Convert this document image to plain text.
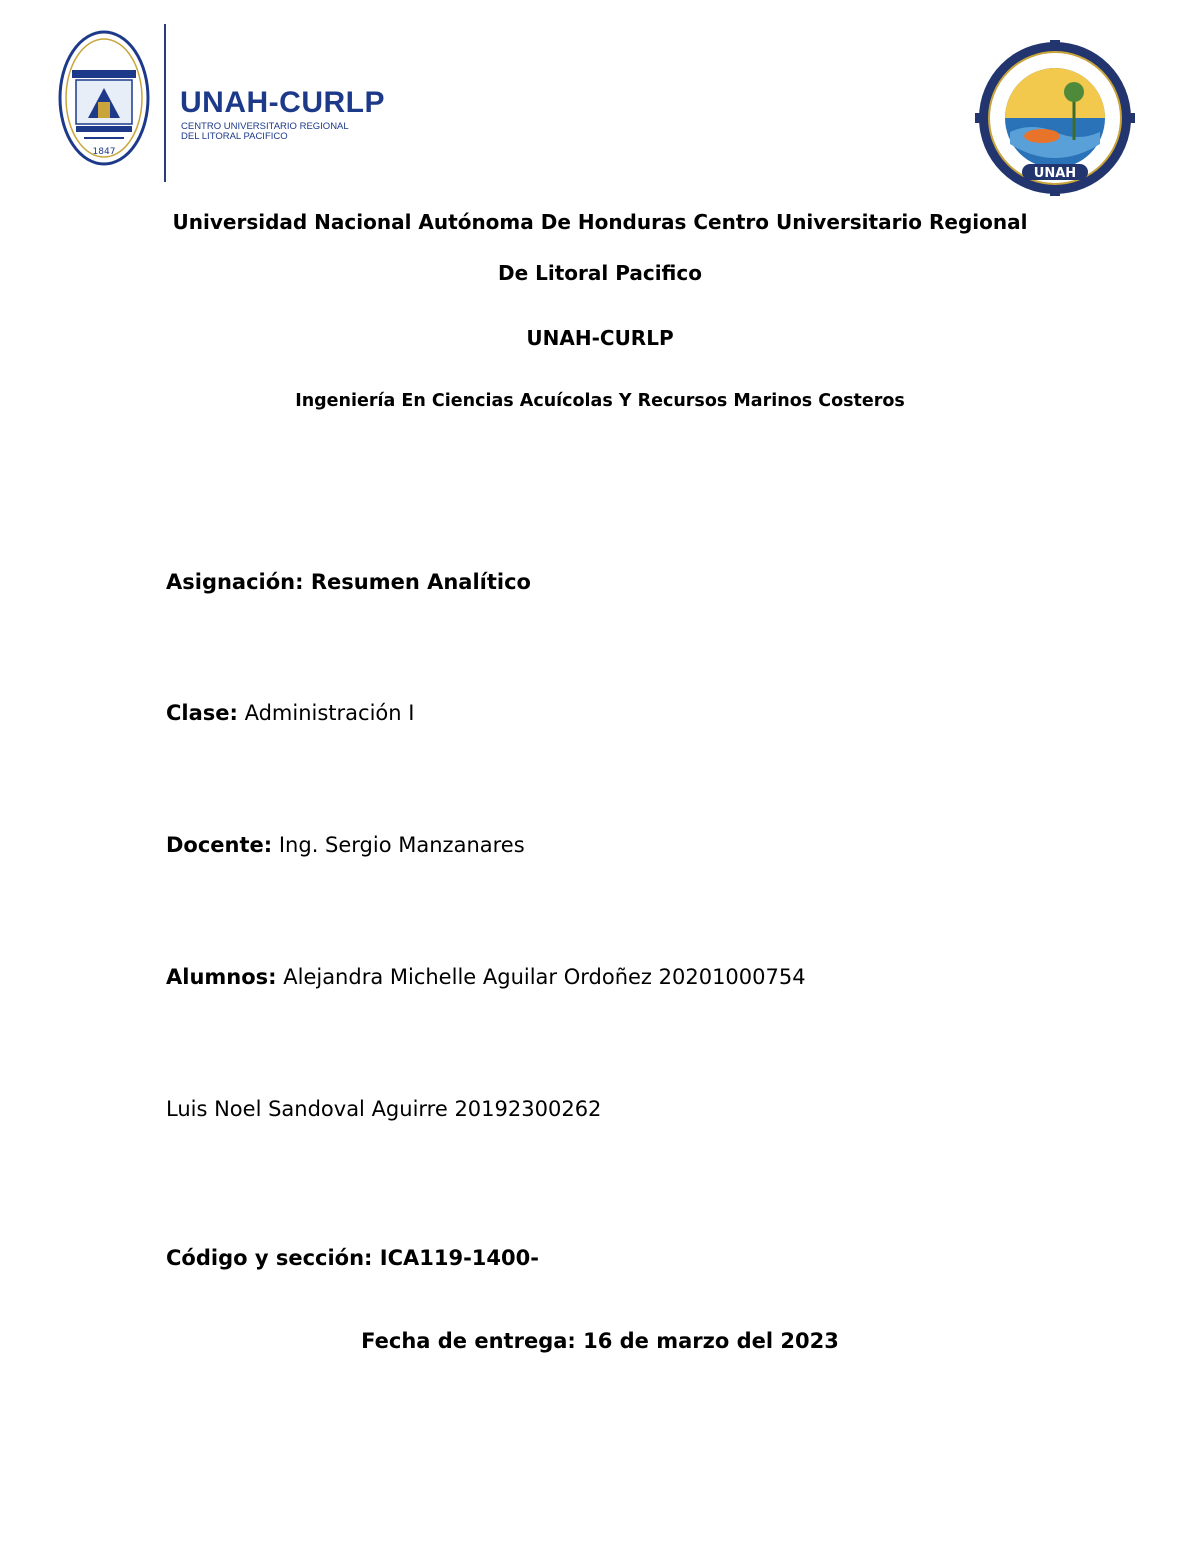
1847
UNAH-CURLP
CENTRO UNIVERSITARIO REGIONAL
DEL LITORAL PACIFICO
UNAH
Universidad Nacional Autónoma De Honduras Centro Universitario Regional
De Litoral Pacifico
UNAH-CURLP
Ingeniería En Ciencias Acuícolas Y Recursos Marinos Costeros
Asignación: Resumen Analítico
Clase: Administración I
Docente: Ing. Sergio Manzanares
Alumnos: Alejandra Michelle Aguilar Ordoñez 20201000754
Luis Noel Sandoval Aguirre 20192300262
Código y sección: ICA119-1400-
Fecha de entrega: 16 de marzo del 2023
